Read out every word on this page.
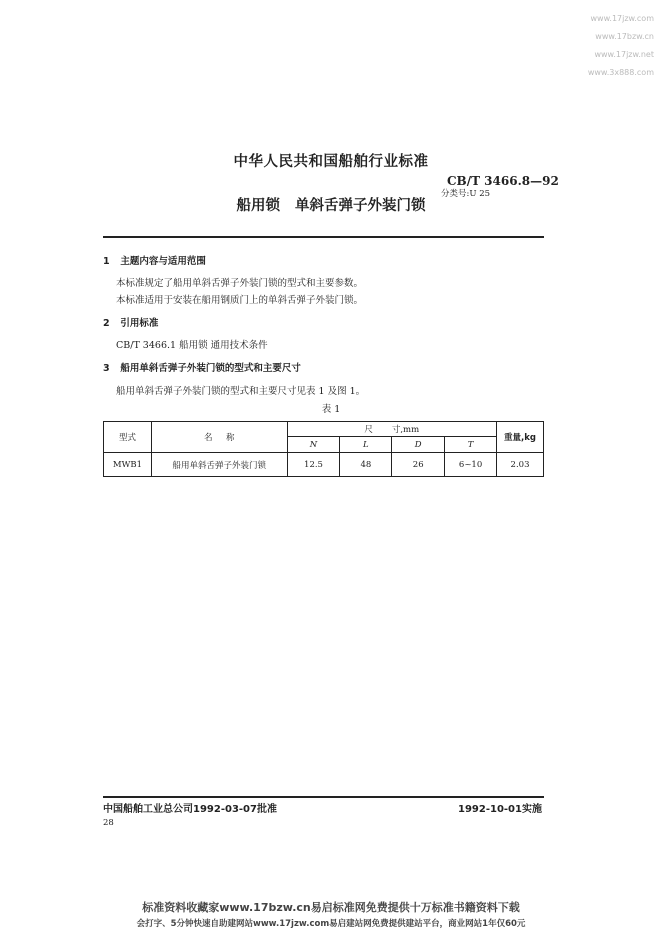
www.17jzw.com
www.17bzw.cn
www.17jzw.net
www.3x888.com
中华人民共和国船舶行业标准
CB/T 3466.8—92
分类号:U 25
船用锁 单斜舌弹子外装门锁
1 主题内容与适用范围
本标准规定了船用单斜舌弹子外装门锁的型式和主要参数。
本标准适用于安装在船用钢质门上的单斜舌弹子外装门锁。
2 引用标准
CB/T 3466.1 船用锁 通用技术条件
3 船用单斜舌弹子外装门锁的型式和主要尺寸
船用单斜舌弹子外装门锁的型式和主要尺寸见表 1 及图 1。
表 1
型式	名     称	尺       寸,mm				重量,kg
		N	L	D	T	
MWB1	船用单斜舌弹子外装门锁	12.5	48	26	6~10	2.03
中国船舶工业总公司1992-03-07批准	1992-10-01实施
28
标准资料收藏家www.17bzw.cn易启标准网免费提供十万标准书籍资料下载
会打字、5分钟快速自助建网站www.17jzw.com易启建站网免费提供建站平台，商业网站1年仅60元
